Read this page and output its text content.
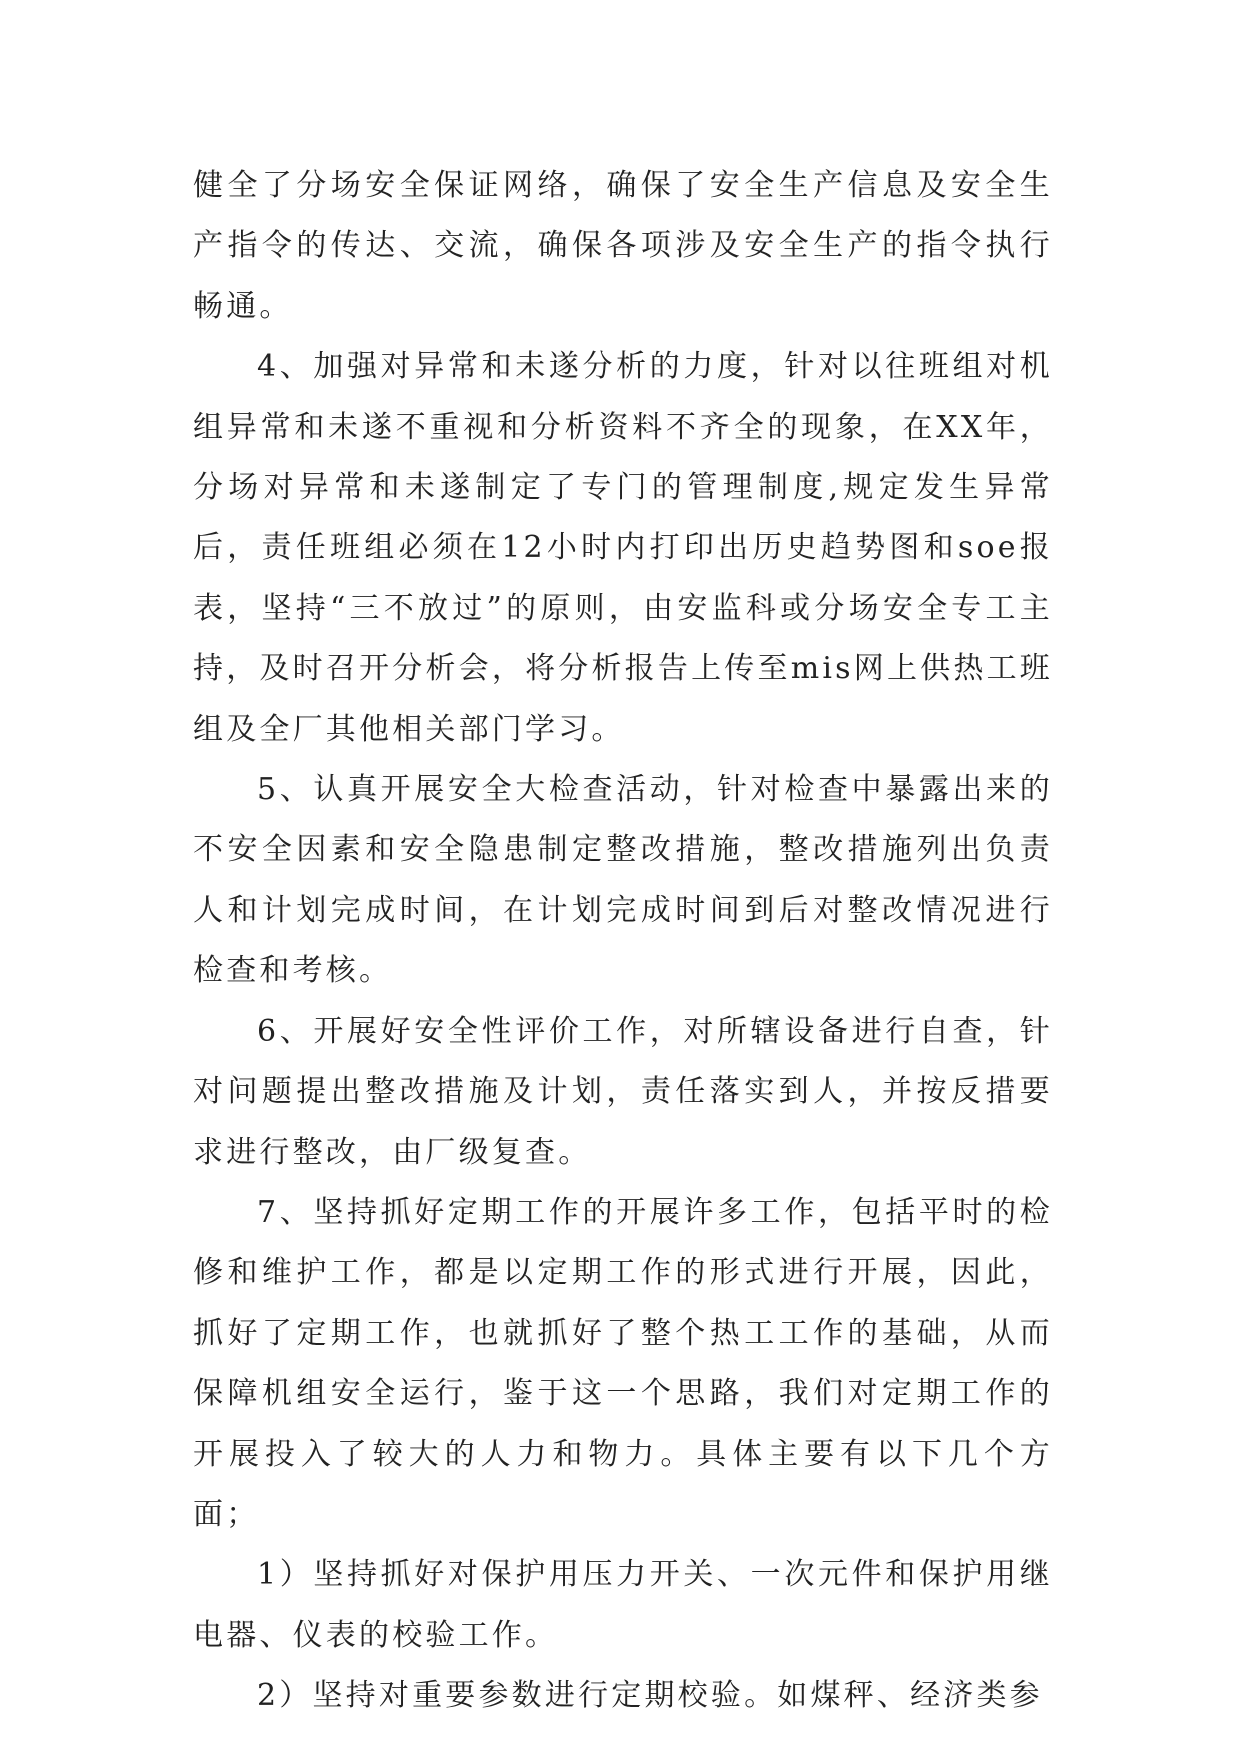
健全了分场安全保证网络，确保了安全生产信息及安全生产指令的传达、交流，确保各项涉及安全生产的指令执行畅通。

4、加强对异常和未遂分析的力度，针对以往班组对机组异常和未遂不重视和分析资料不齐全的现象，在XX年，分场对异常和未遂制定了专门的管理制度,规定发生异常后，责任班组必须在12小时内打印出历史趋势图和soe报表，坚持“三不放过”的原则，由安监科或分场安全专工主持，及时召开分析会，将分析报告上传至mis网上供热工班组及全厂其他相关部门学习。

5、认真开展安全大检查活动，针对检查中暴露出来的不安全因素和安全隐患制定整改措施，整改措施列出负责人和计划完成时间，在计划完成时间到后对整改情况进行检查和考核。

6、开展好安全性评价工作，对所辖设备进行自查，针对问题提出整改措施及计划，责任落实到人，并按反措要求进行整改，由厂级复查。

7、坚持抓好定期工作的开展许多工作，包括平时的检修和维护工作，都是以定期工作的形式进行开展，因此，抓好了定期工作，也就抓好了整个热工工作的基础，从而保障机组安全运行，鉴于这一个思路，我们对定期工作的开展投入了较大的人力和物力。具体主要有以下几个方面；

1）坚持抓好对保护用压力开关、一次元件和保护用继电器、仪表的校验工作。

2）坚持对重要参数进行定期校验。如煤秤、经济类参
